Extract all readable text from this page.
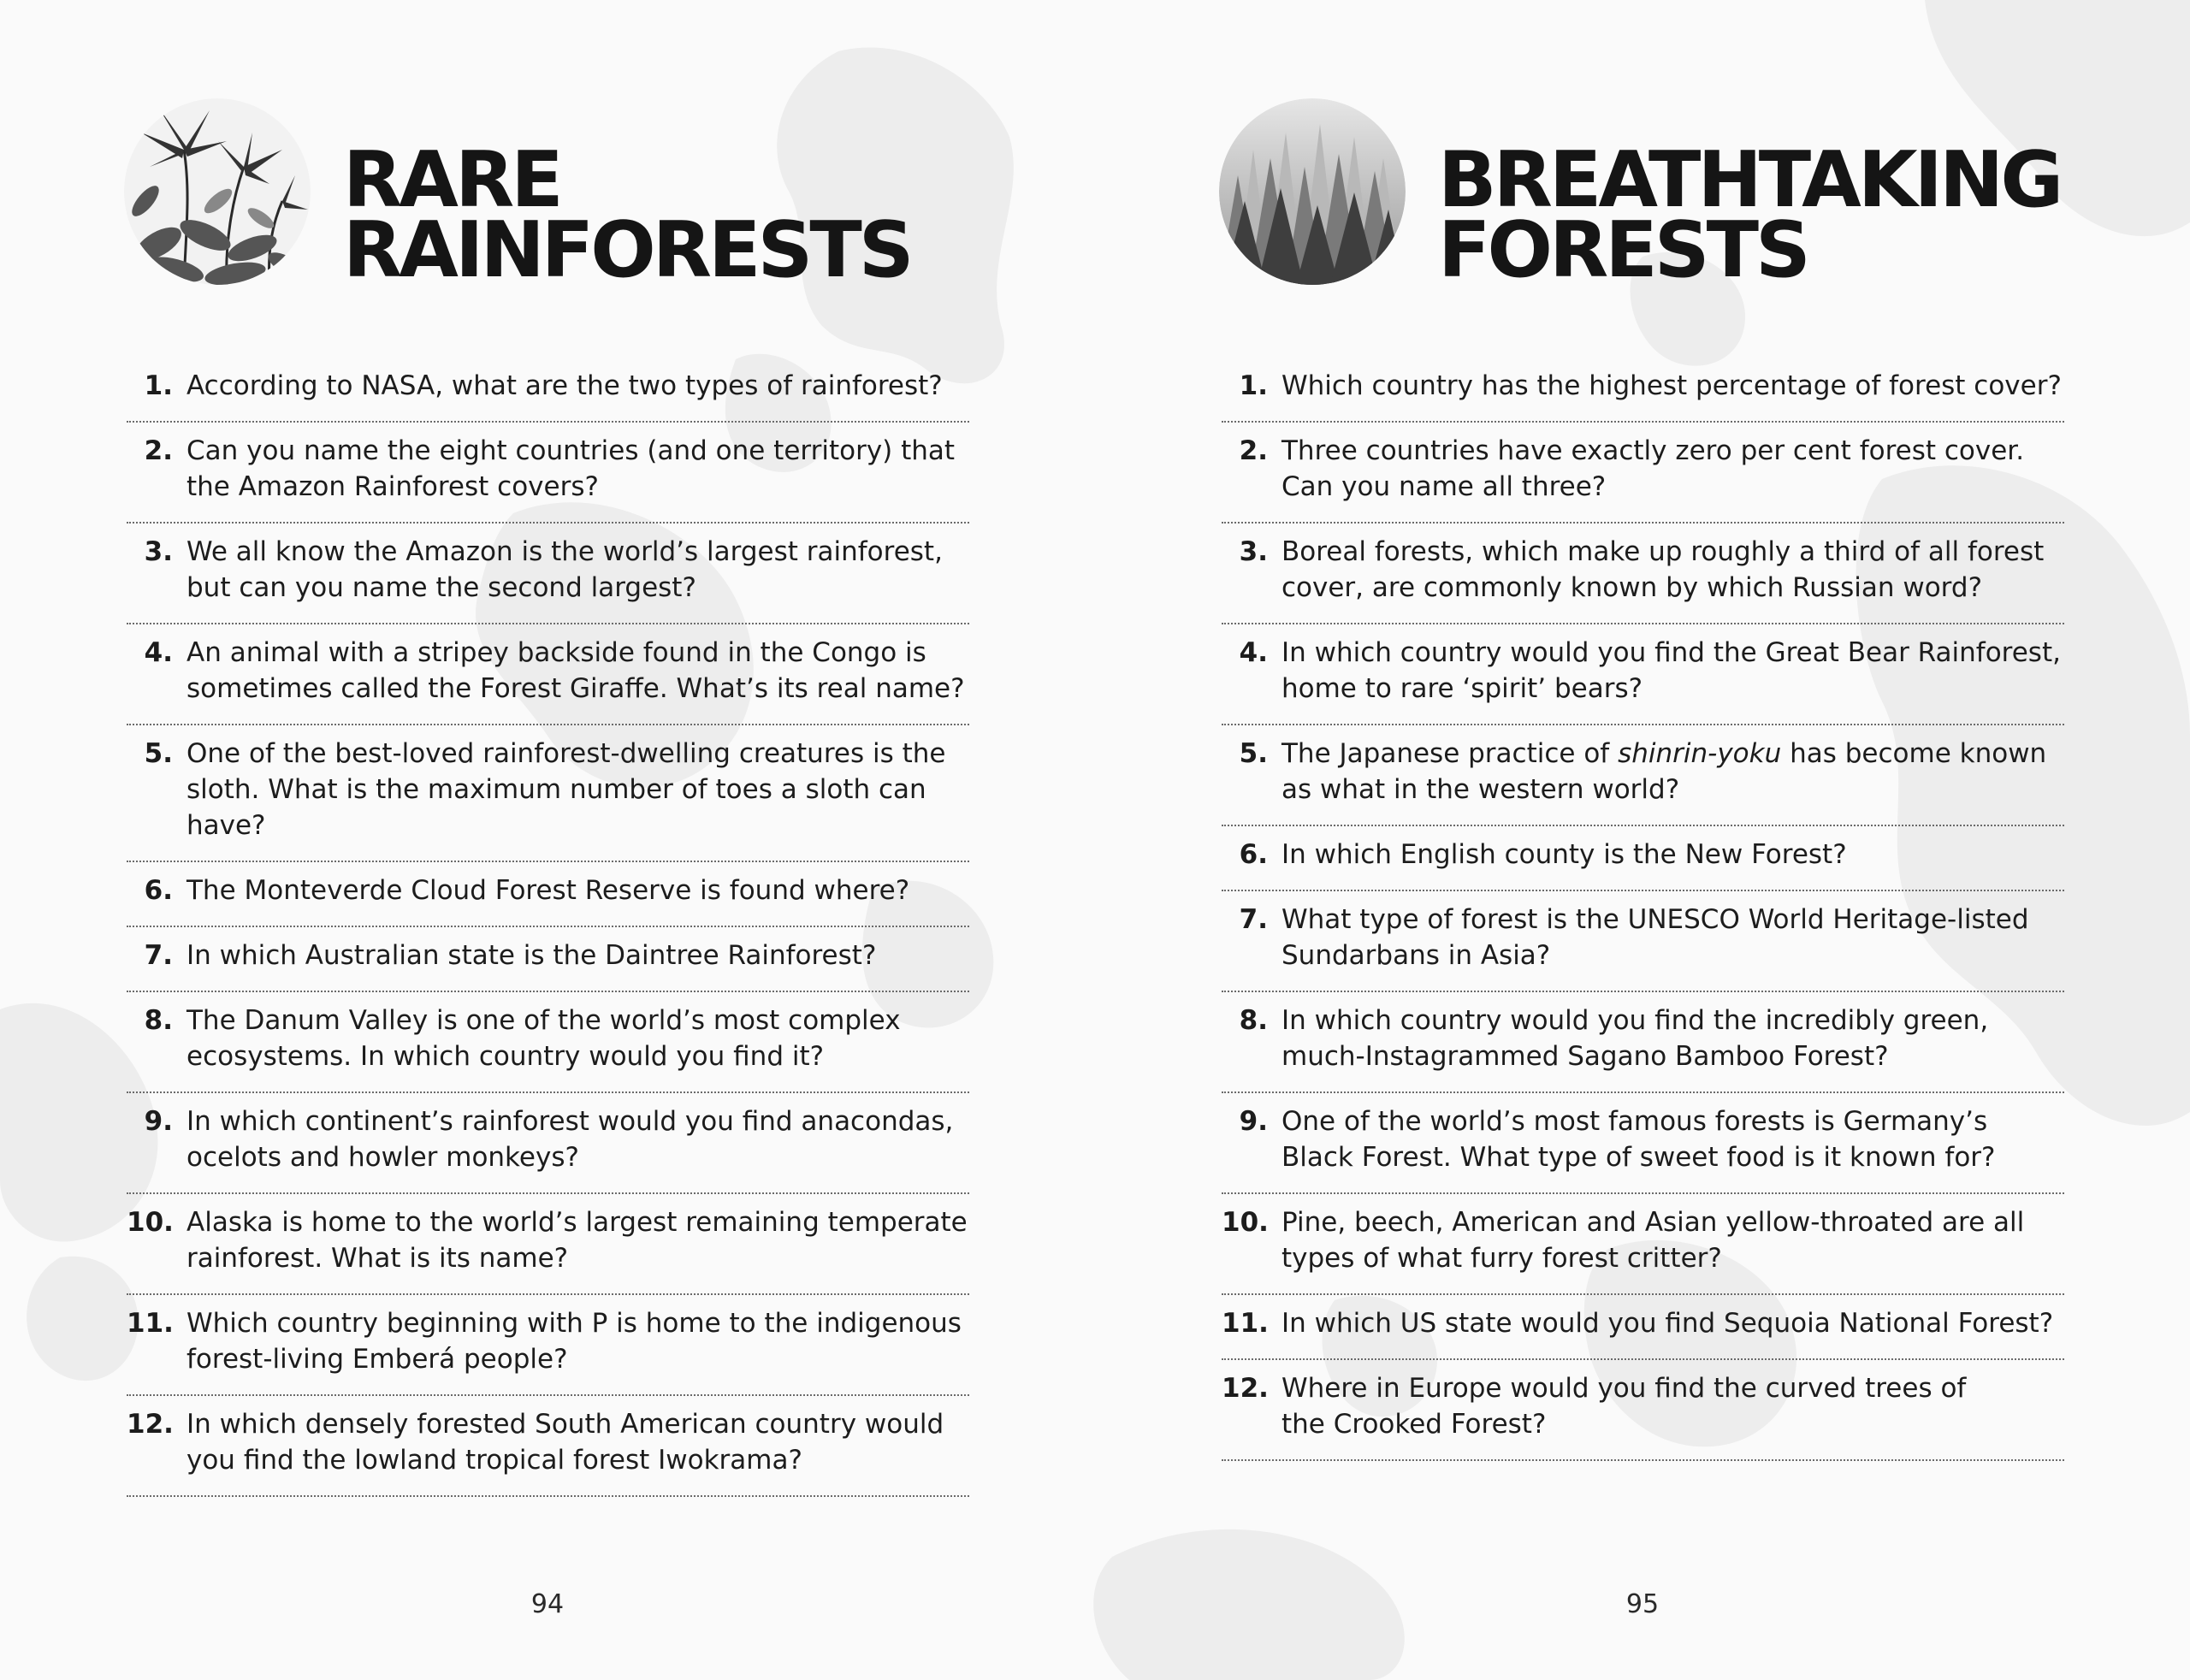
RARE
RAINFORESTS
1. According to NASA, what are the two types of rainforest?
2. Can you name the eight countries (and one territory) that the Amazon Rainforest covers?
3. We all know the Amazon is the world’s largest rainforest, but can you name the second largest?
4. An animal with a stripey backside found in the Congo is sometimes called the Forest Giraffe. What’s its real name?
5. One of the best-loved rainforest-dwelling creatures is the sloth. What is the maximum number of toes a sloth can have?
6. The Monteverde Cloud Forest Reserve is found where?
7. In which Australian state is the Daintree Rainforest?
8. The Danum Valley is one of the world’s most complex ecosystems. In which country would you find it?
9. In which continent’s rainforest would you find anacondas, ocelots and howler monkeys?
10. Alaska is home to the world’s largest remaining temperate rainforest. What is its name?
11. Which country beginning with P is home to the indigenous forest-living Emberá people?
12. In which densely forested South American country would you find the lowland tropical forest Iwokrama?
94
BREATHTAKING
FORESTS
1. Which country has the highest percentage of forest cover?
2. Three countries have exactly zero per cent forest cover.
Can you name all three?
3. Boreal forests, which make up roughly a third of all forest cover, are commonly known by which Russian word?
4. In which country would you find the Great Bear Rainforest, home to rare ‘spirit’ bears?
5. The Japanese practice of shinrin-yoku has become known as what in the western world?
6. In which English county is the New Forest?
7. What type of forest is the UNESCO World Heritage-listed Sundarbans in Asia?
8. In which country would you find the incredibly green, much-Instagrammed Sagano Bamboo Forest?
9. One of the world’s most famous forests is Germany’s Black Forest. What type of sweet food is it known for?
10. Pine, beech, American and Asian yellow-throated are all types of what furry forest critter?
11. In which US state would you find Sequoia National Forest?
12. Where in Europe would you find the curved trees of
the Crooked Forest?
95
